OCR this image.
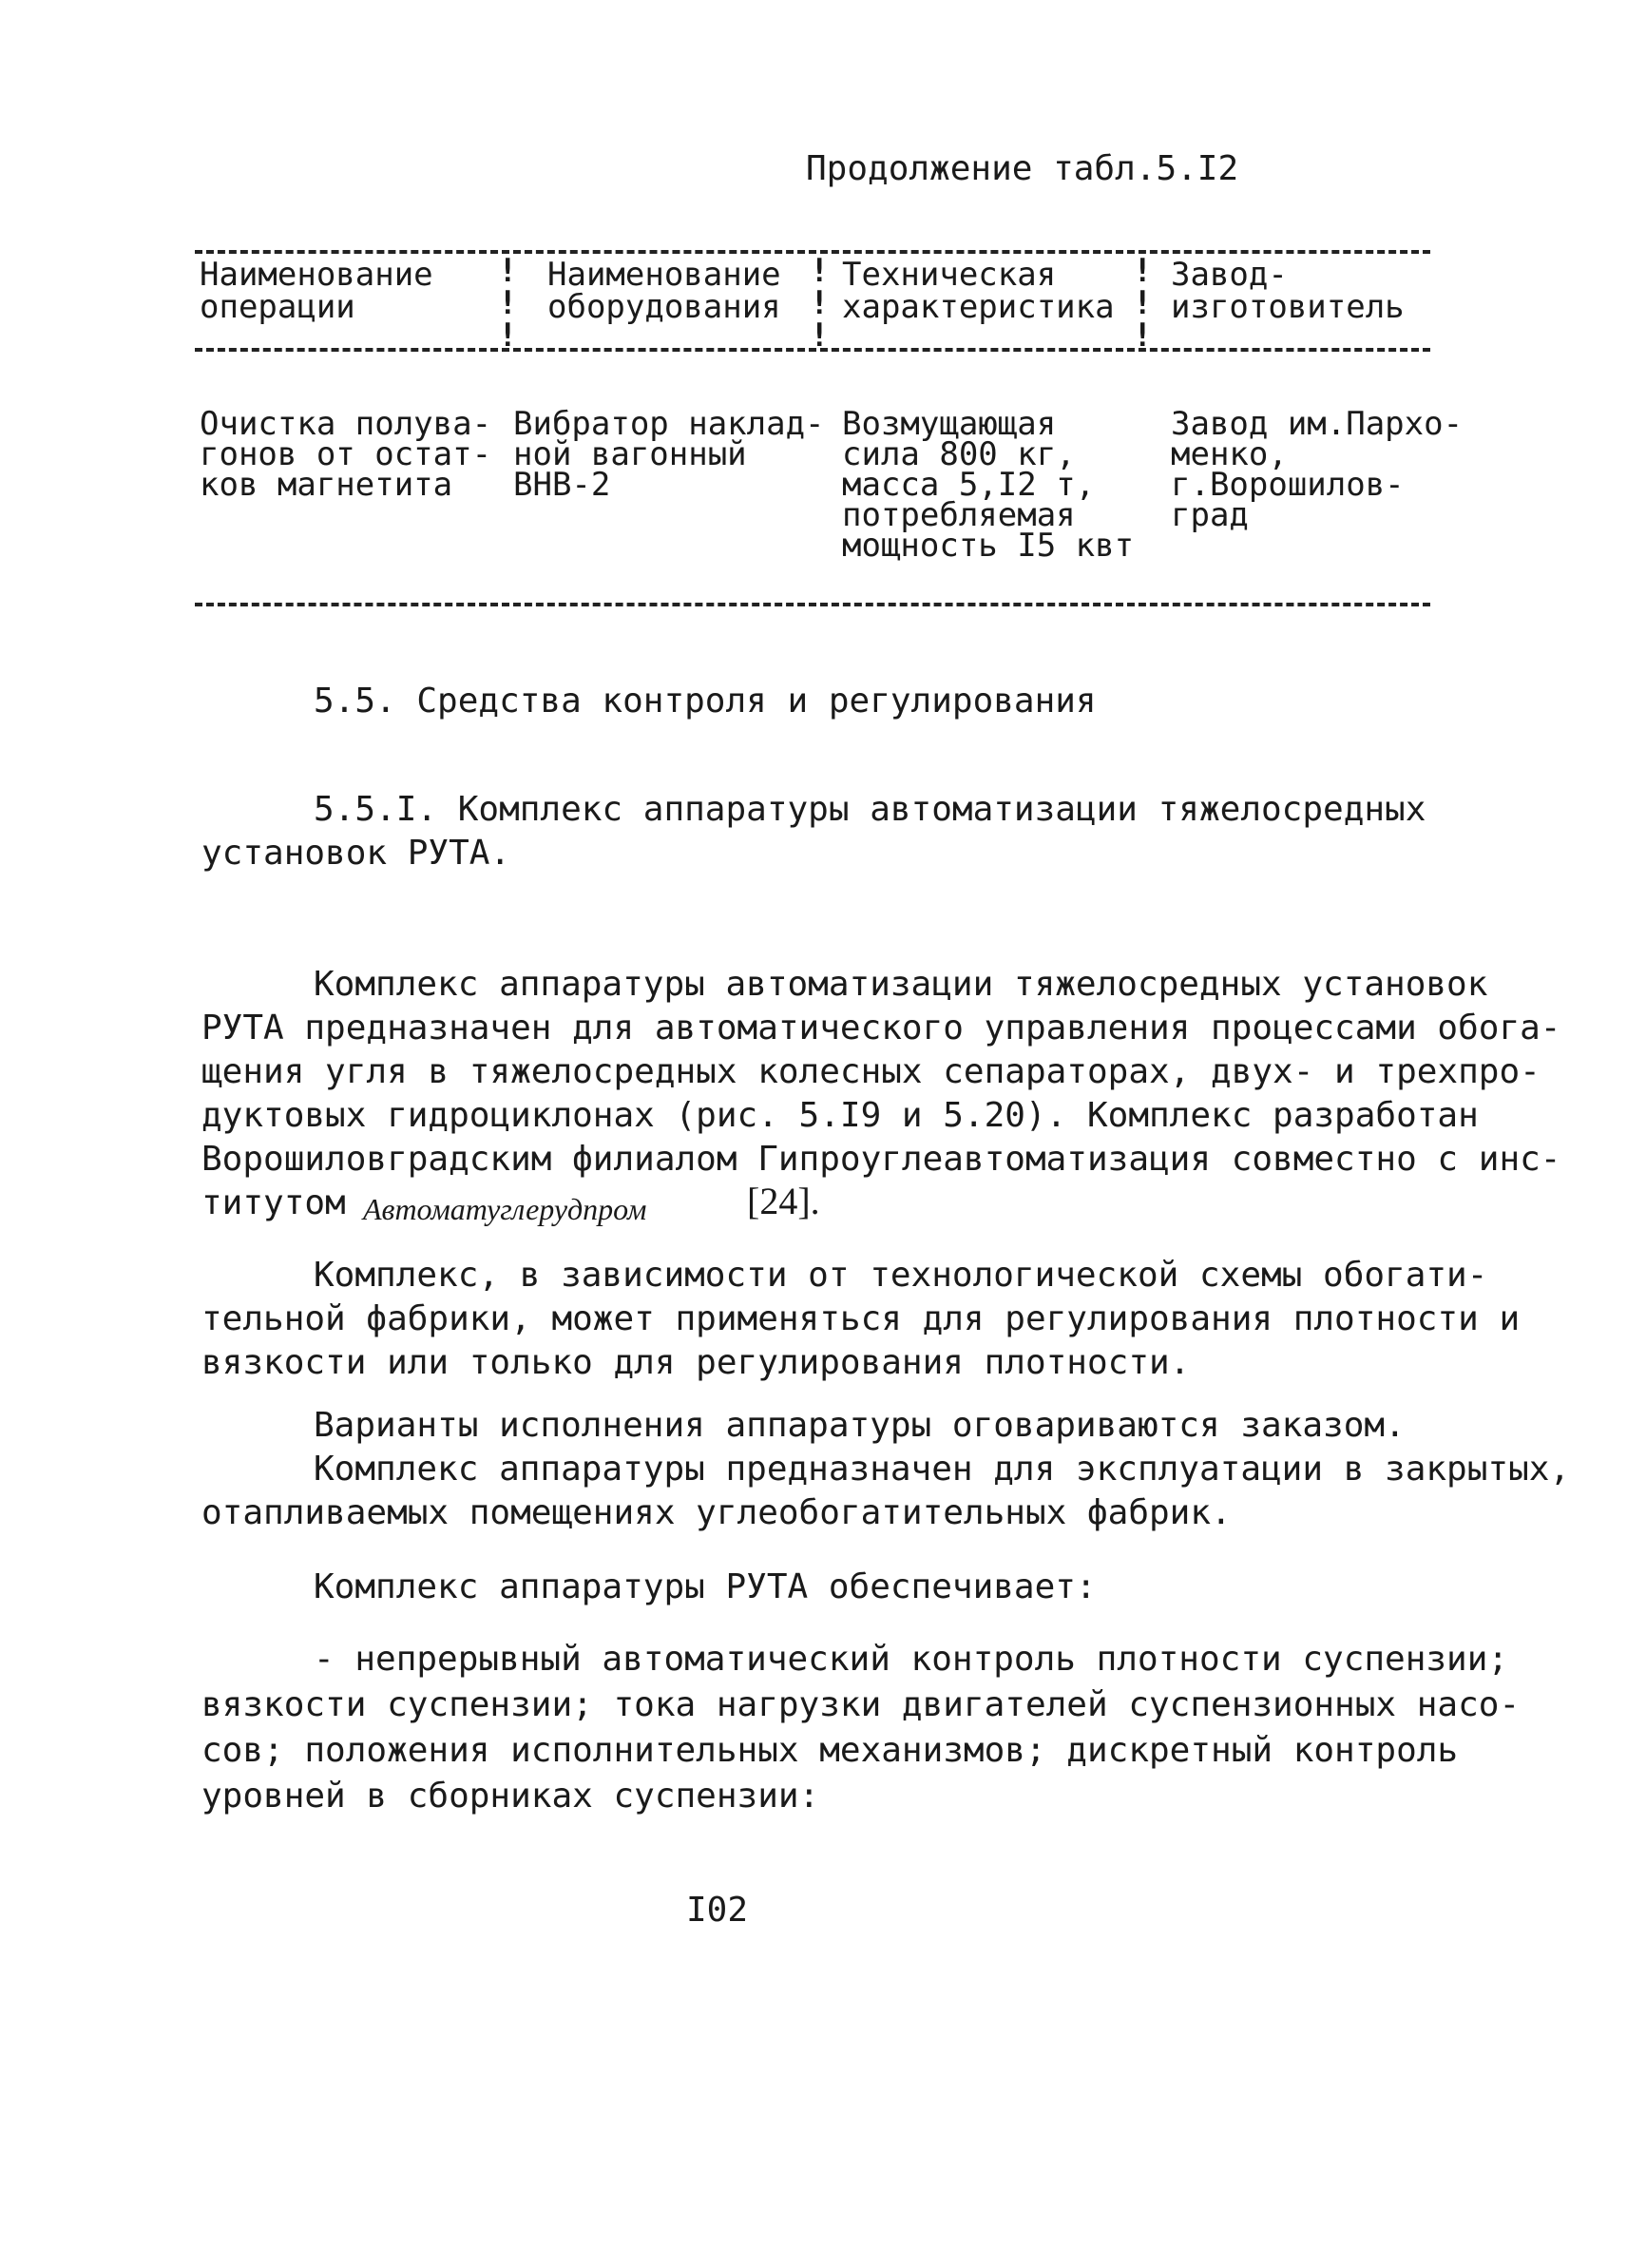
Продолжение табл.5.I2
!
!
!
!
!
!
!
!
!
Наименование
операции
Наименование
оборудования
Техническая
характеристика
Завод-
изготовитель
Очистка полува-
гонов от остат-
ков магнетита
Вибратор наклад-
ной вагонный
ВНВ-2
Возмущающая
сила 800 кг,
масса 5,I2 т,
потребляемая
мощность I5 квт
Завод им.Пархо-
менко,
г.Ворошилов-
град
5.5. Средства контроля и регулирования
5.5.I. Комплекс аппаратуры автоматизации тяжелосредных
установок РУТА.
Комплекс аппаратуры автоматизации тяжелосредных установок
РУТА предназначен для автоматического управления процессами обога-
щения угля в тяжелосредных колесных сепараторах, двух- и трехпро-
дуктовых гидроциклонах (рис. 5.I9 и 5.20). Комплекс разработан
Ворошиловградским филиалом Гипроуглеавтоматизация совместно с инс-
титутом Автоматуглерудпром	[24].
Комплекс, в зависимости от технологической схемы обогати-
тельной фабрики, может применяться для регулирования плотности и
вязкости или только для регулирования плотности.
Варианты исполнения аппаратуры оговариваются заказом.
Комплекс аппаратуры предназначен для эксплуатации в закрытых,
отапливаемых помещениях углеобогатительных фабрик.
Комплекс аппаратуры РУТА обеспечивает:
- непрерывный автоматический контроль плотности суспензии;
вязкости суспензии; тока нагрузки двигателей суспензионных насо-
сов; положения исполнительных механизмов; дискретный контроль
уровней в сборниках суспензии:
I02
